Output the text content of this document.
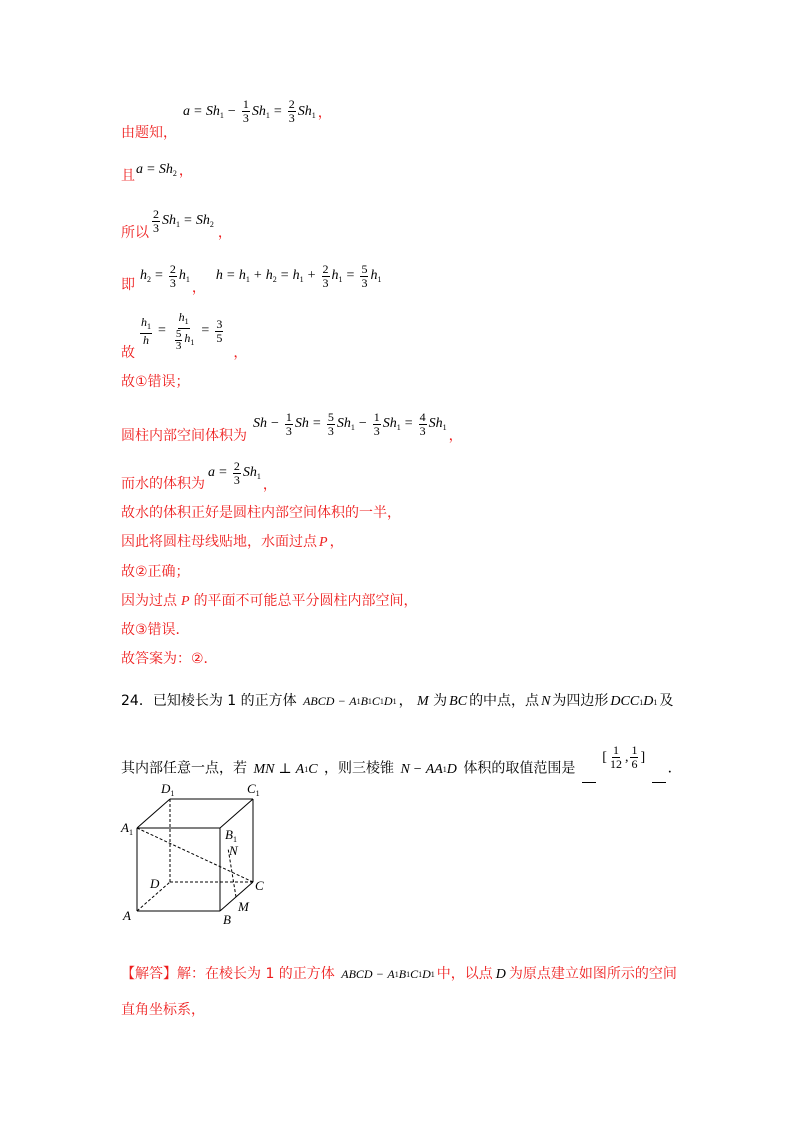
由题知，
$a = Sh_1 - \frac{1}{3} Sh_1 = \frac{2}{3} Sh_1$ ，
且 $a = Sh_2$ ，
所以 $\frac{2}{3} Sh_1 = Sh_2$
，
即
$h_2 = \frac{2}{3} h_1$
，
$h = h_1 + h_2 = h_1 + \frac{2}{3} h_1 = \frac{5}{3} h_1$
故
$\frac{h_1}{h} = \frac{h_1}{\frac{5}{3} h_1} = \frac{3}{5}$
，
故①错误；
圆柱内部空间体积为
$Sh - \frac{1}{3}$ $Sh = \frac{5}{3} Sh_1 - \frac{1}{3} Sh_1 = \frac{4}{3} Sh_1$
，
而水的体积为
$a = \frac{2}{3} Sh_1$
，
故水的体积正好是圆柱内部空间体积的一半，
因此将圆柱母线贴地，水面过点 P ，
故②正确；
因为过点 P 的平面不可能总平分圆柱内部空间，
故③错误．
故答案为：②．
24．已知棱长为 1 的正方体 ABCD − A 1 B 1 C 1 D 1 ， M 为 BC 的中点，点 N 为四边形 DCC 1 D 1 及
其内部任意一点，若 MN ⊥ A 1 C ，则三棱锥 N − AA 1 D 体积的取值范围是
[ $\frac{1}{12}$ , $\frac{1}{6}$ ]
．
$D_1$	$C_1$
$A_1$	$B_1$
N
D	C
A	B
M
【解答】解：在棱长为 1 的正方体 ABCD − A 1 B 1 C 1 D 1 中，以点 D 为原点建立如图所示的空间
直角坐标系，
